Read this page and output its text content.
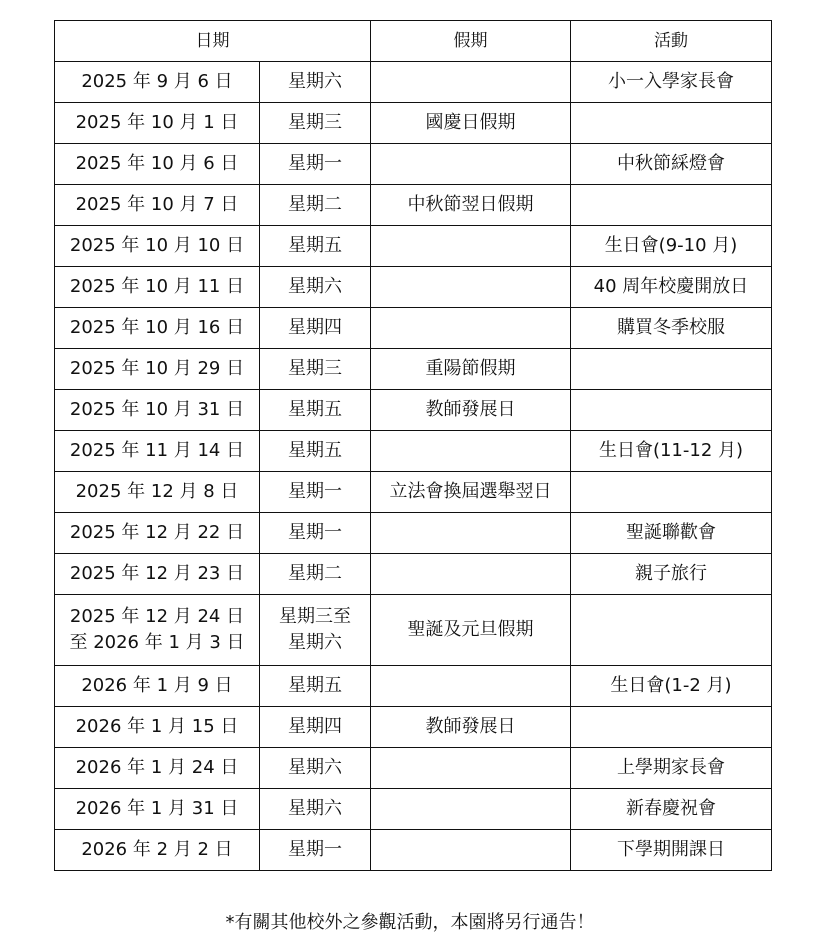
日期		假期	活動
2025 年 9 月 6 日	星期六		小一入學家長會
2025 年 10 月 1 日	星期三	國慶日假期	
2025 年 10 月 6 日	星期一		中秋節綵燈會
2025 年 10 月 7 日	星期二	中秋節翌日假期	
2025 年 10 月 10 日	星期五		生日會(9-10 月)
2025 年 10 月 11 日	星期六		40 周年校慶開放日
2025 年 10 月 16 日	星期四		購買冬季校服
2025 年 10 月 29 日	星期三	重陽節假期	
2025 年 10 月 31 日	星期五	教師發展日	
2025 年 11 月 14 日	星期五		生日會(11-12 月)
2025 年 12 月 8 日	星期一	立法會換屆選舉翌日	
2025 年 12 月 22 日	星期一		聖誕聯歡會
2025 年 12 月 23 日	星期二		親子旅行

2025 年 12 月 24 日
至 2026 年 1 月 3 日	星期三至
星期六	聖誕及元旦假期	
2026 年 1 月 9 日	星期五		生日會(1-2 月)
2026 年 1 月 15 日	星期四	教師發展日	
2026 年 1 月 24 日	星期六		上學期家長會
2026 年 1 月 31 日	星期六		新春慶祝會
2026 年 2 月 2 日	星期一		下學期開課日
*有關其他校外之參觀活動，本園將另行通告！
